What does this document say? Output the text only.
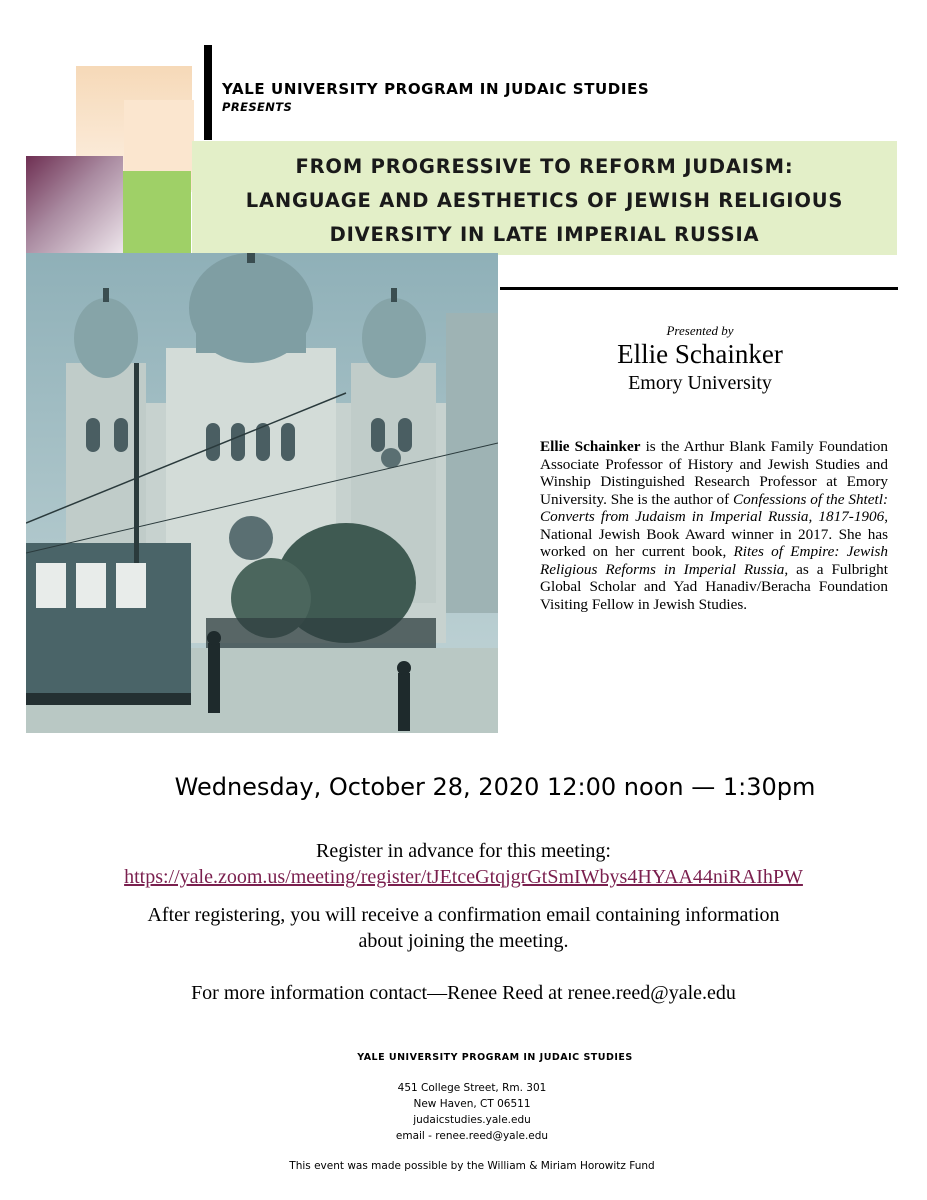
YALE UNIVERSITY PROGRAM IN JUDAIC STUDIES
PRESENTS
FROM PROGRESSIVE TO REFORM JUDAISM:
LANGUAGE AND AESTHETICS OF JEWISH RELIGIOUS
DIVERSITY IN LATE IMPERIAL RUSSIA
Presented by
Ellie Schainker
Emory University
Ellie Schainker is the Arthur Blank Family Foundation Associate Professor of History and Jewish Studies and Winship Distinguished Research Professor at Emory University. She is the author of Confessions of the Shtetl: Converts from Judaism in Imperial Russia, 1817-1906, National Jewish Book Award winner in 2017. She has worked on her current book, Rites of Empire: Jewish Religious Reforms in Imperial Russia, as a Fulbright Global Scholar and Yad Hanadiv/Beracha Foundation Visiting Fellow in Jewish Studies.
Wednesday, October 28, 2020 12:00 noon — 1:30pm
Register in advance for this meeting:
https://yale.zoom.us/meeting/register/tJEtceGtqjgrGtSmIWbys4HYAA44niRAIhPW
After registering, you will receive a confirmation email containing information
about joining the meeting.
For more information contact—Renee Reed at renee.reed@yale.edu
YALE UNIVERSITY PROGRAM IN JUDAIC STUDIES
451 College Street, Rm. 301
New Haven, CT 06511
judaicstudies.yale.edu
email - renee.reed@yale.edu
This event was made possible by the William & Miriam Horowitz Fund
